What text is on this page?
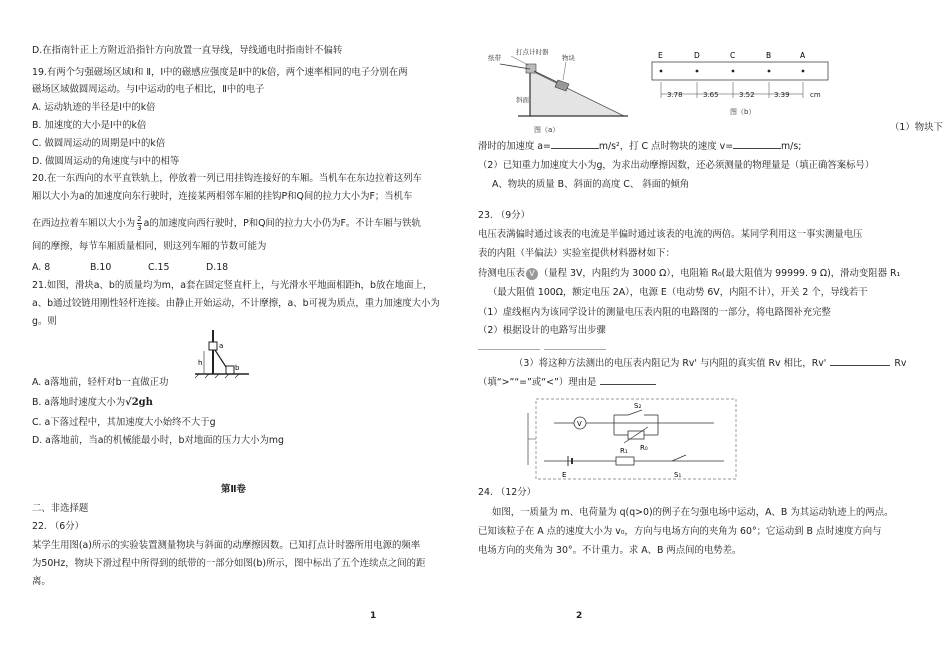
D.在指南针正上方附近沿指针方向放置一直导线，导线通电时指南针不偏转
19.有两个匀强磁场区域Ⅰ和 Ⅱ，Ⅰ中的磁感应强度是Ⅱ中的k倍，两个速率相同的电子分别在两
磁场区域做圆周运动。与Ⅰ中运动的电子相比，Ⅱ中的电子
A. 运动轨迹的半径是Ⅰ中的k倍
B. 加速度的大小是Ⅰ中的k倍
C. 做圆周运动的周期是Ⅰ中的k倍
D. 做圆周运动的角速度与Ⅰ中的相等
20.在一东西向的水平直铁轨上，停放着一列已用挂钩连接好的车厢。当机车在东边拉着这列车
厢以大小为a的加速度向东行驶时，连接某两相邻车厢的挂钩P和Q间的拉力大小为F；当机车
在西边拉着车厢以大小为 $\frac{2}{3}$ a的加速度向西行驶时，P和Q间的拉力大小仍为F。不计车厢与铁轨
间的摩擦，每节车厢质量相同，则这列车厢的节数可能为
A. 8	B.10	C.15	D.18
21.如图，滑块a、b的质量均为m，a套在固定竖直杆上，与光滑水平地面相距h，b放在地面上，
a、b通过铰链用刚性轻杆连接。由静止开始运动，不计摩擦，a、b可视为质点，重力加速度大小为
g。则
a
b
h
A. a落地前，轻杆对b一直做正功
B. a落地时速度大小为√2gh
C. a下落过程中，其加速度大小始终不大于g
D. a落地前，当a的机械能最小时，b对地面的压力大小为mg
第Ⅱ卷
二、非选择题
22. （6分）
某学生用图(a)所示的实验装置测量物块与斜面的动摩擦因数。已知打点计时器所用电源的频率
为50Hz，物块下滑过程中所得到的纸带的一部分如图(b)所示，图中标出了五个连续点之间的距
离。
1
纸带
打点计时器
物块
斜面
图（a）
E	D	C	B	A
3.78	3.65	3.52	3.39	cm
图（b）
（1）物块下
滑时的加速度 a=	m/s²，打 C 点时物块的速度 v=	m/s;
（2）已知重力加速度大小为g，为求出动摩擦因数，还必须测量的物理量是（填正确答案标号）
A、物块的质量 B、斜面的高度 C、 斜面的倾角
23. （9分）
电压表满偏时通过该表的电流是半偏时通过该表的电流的两倍。某同学利用这一事实测量电压
表的内阻（半偏法）实验室提供材料器材如下：
待测电压表 V （量程 3V，内阻约为 3000 Ω），电阻箱 R₀(最大阻值为 99999. 9 Ω)，滑动变阻器 R₁
（最大阻值 100Ω，额定电压 2A），电源 E（电动势 6V，内阻不计），开关 2 个，导线若干
（1）虚线框内为该同学设计的测量电压表内阻的电路图的一部分，将电路图补充完整
（2）根据设计的电路写出步骤
（3）将这种方法测出的电压表内阻记为 Rv' 与内阻的真实值 Rv 相比，Rv'	Rv
（填“>”“=”或“<”）理由是
V
S₂
R₀
E
R₁
S₁
24. （12分）
如图，一质量为 m、电荷量为 q(q>0)的例子在匀强电场中运动，A、B 为其运动轨迹上的两点。
已知该粒子在 A 点的速度大小为 v₀，方向与电场方向的夹角为 60°；它运动到 B 点时速度方向与
电场方向的夹角为 30°。不计重力。求 A、B 两点间的电势差。
2
